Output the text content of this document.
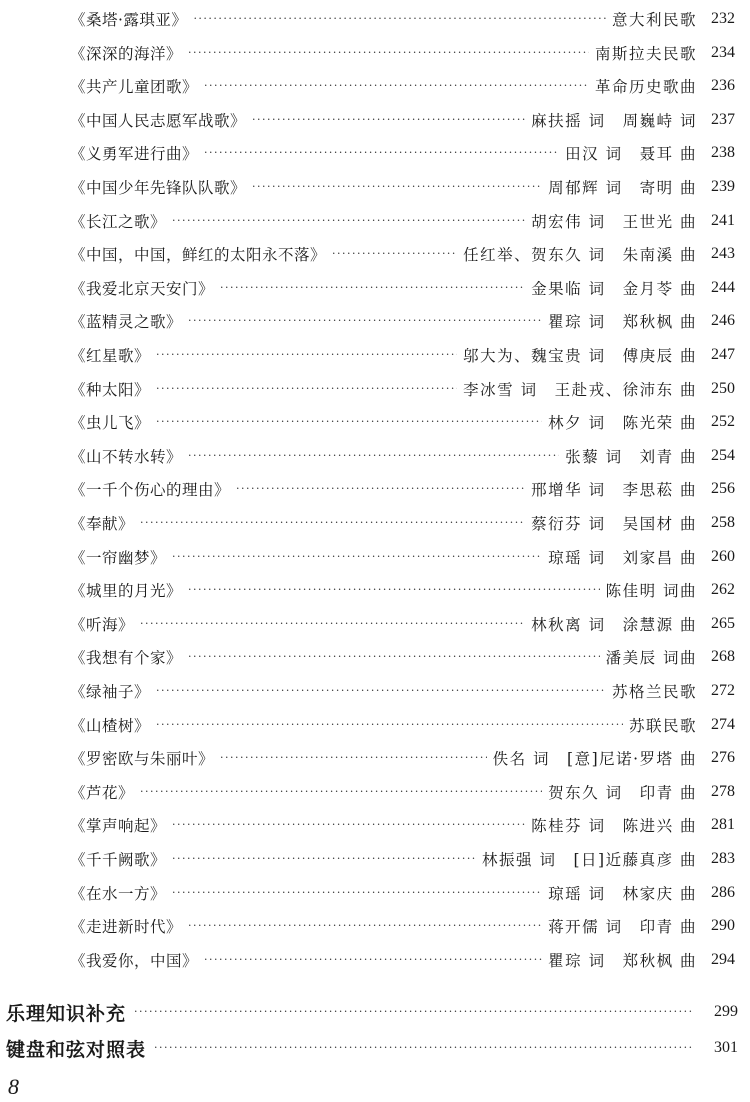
《桑塔·露琪亚》 ·····	意大利民歌 232
《深深的海洋》 ·····	南斯拉夫民歌 234
《共产儿童团歌》 ·····	革命历史歌曲 236
《中国人民志愿军战歌》 ·····	麻扶摇 词　周巍峙 词 237
《义勇军进行曲》 ·····	田汉 词　聂耳 曲 238
《中国少年先锋队队歌》 ·····	周郁辉 词　寄明 曲 239
《长江之歌》 ·····	胡宏伟 词　王世光 曲 241
《中国，中国，鲜红的太阳永不落》 ·····	任红举、贺东久 词　朱南溪 曲 243
《我爱北京天安门》 ·····	金果临 词　金月苓 曲 244
《蓝精灵之歌》 ·····	瞿琮 词　郑秋枫 曲 246
《红星歌》 ·····	邬大为、魏宝贵 词　傅庚辰 曲 247
《种太阳》 ·····	李冰雪 词　王赴戎、徐沛东 曲 250
《虫儿飞》 ·····	林夕 词　陈光荣 曲 252
《山不转水转》 ·····	张藜 词　刘青 曲 254
《一千个伤心的理由》 ·····	邢增华 词　李思菘 曲 256
《奉献》 ·····	蔡衍芬 词　吴国材 曲 258
《一帘幽梦》 ·····	琼瑶 词　刘家昌 曲 260
《城里的月光》 ·····	陈佳明 词曲 262
《听海》 ·····	林秋离 词　涂慧源 曲 265
《我想有个家》 ·····	潘美辰 词曲 268
《绿袖子》 ·····	苏格兰民歌 272
《山楂树》 ·····	苏联民歌 274
《罗密欧与朱丽叶》 ·····	佚名 词　[意]尼诺·罗塔 曲 276
《芦花》 ·····	贺东久 词　印青 曲 278
《掌声响起》 ·····	陈桂芬 词　陈进兴 曲 281
《千千阙歌》 ·····	林振强 词　[日]近藤真彦 曲 283
《在水一方》 ·····	琼瑶 词　林家庆 曲 286
《走进新时代》 ·····	蒋开儒 词　印青 曲 290
《我爱你，中国》 ·····	瞿琮 词　郑秋枫 曲 294
乐理知识补充 ·····	299
键盘和弦对照表 ·····	301
8
